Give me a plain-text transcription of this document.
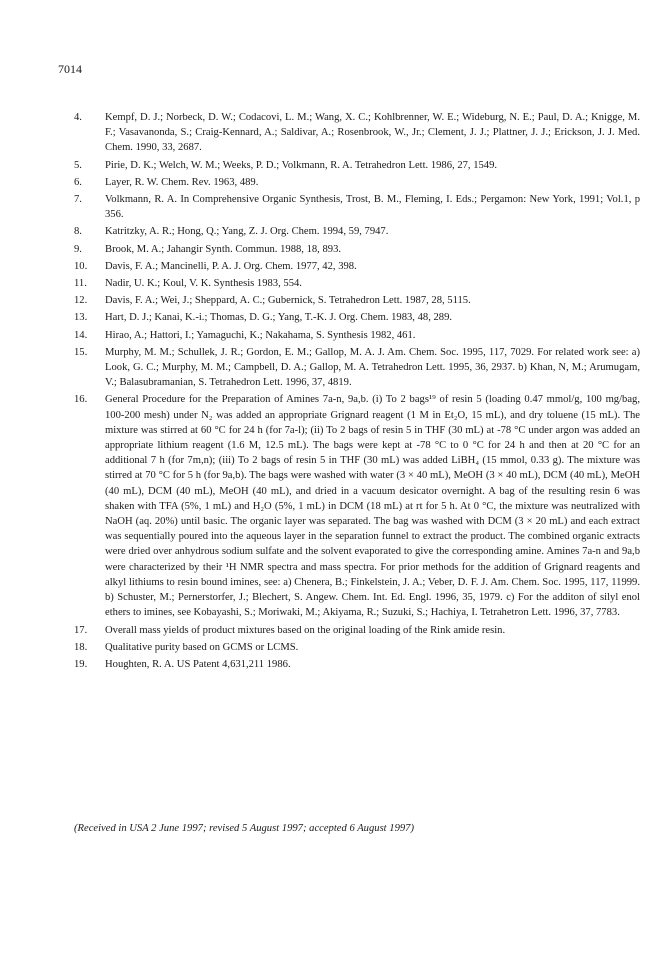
7014
4.	Kempf, D. J.; Norbeck, D. W.; Codacovi, L. M.; Wang, X. C.; Kohlbrenner, W. E.; Wideburg, N. E.; Paul, D. A.; Knigge, M. F.; Vasavanonda, S.; Craig-Kennard, A.; Saldivar, A.; Rosenbrook, W., Jr.; Clement, J. J.; Plattner, J. J.; Erickson, J. J. Med. Chem. 1990, 33, 2687.
5.	Pirie, D. K.; Welch, W. M.; Weeks, P. D.; Volkmann, R. A. Tetrahedron Lett. 1986, 27, 1549.
6.	Layer, R. W. Chem. Rev. 1963, 489.
7.	Volkmann, R. A. In Comprehensive Organic Synthesis, Trost, B. M., Fleming, I. Eds.; Pergamon: New York, 1991; Vol.1, p 356.
8.	Katritzky, A. R.; Hong, Q.; Yang, Z. J. Org. Chem. 1994, 59, 7947.
9.	Brook, M. A.; Jahangir Synth. Commun. 1988, 18, 893.
10.	Davis, F. A.; Mancinelli, P. A. J. Org. Chem. 1977, 42, 398.
11.	Nadir, U. K.; Koul, V. K. Synthesis 1983, 554.
12.	Davis, F. A.; Wei, J.; Sheppard, A. C.; Gubernick, S. Tetrahedron Lett. 1987, 28, 5115.
13.	Hart, D. J.; Kanai, K.-i.; Thomas, D. G.; Yang, T.-K. J. Org. Chem. 1983, 48, 289.
14.	Hirao, A.; Hattori, I.; Yamaguchi, K.; Nakahama, S. Synthesis 1982, 461.
15.	Murphy, M. M.; Schullek, J. R.; Gordon, E. M.; Gallop, M. A. J. Am. Chem. Soc. 1995, 117, 7029. For related work see: a) Look, G. C.; Murphy, M. M.; Campbell, D. A.; Gallop, M. A. Tetrahedron Lett. 1995, 36, 2937. b) Khan, N, M.; Arumugam, V.; Balasubramanian, S. Tetrahedron Lett. 1996, 37, 4819.
16.	General Procedure for the Preparation of Amines 7a-n, 9a,b. (i) To 2 bags¹⁹ of resin 5 (loading 0.47 mmol/g, 100 mg/bag, 100-200 mesh) under N₂ was added an appropriate Grignard reagent (1 M in Et₂O, 15 mL), and dry toluene (15 mL). The mixture was stirred at 60 °C for 24 h (for 7a-l); (ii) To 2 bags of resin 5 in THF (30 mL) at -78 °C under argon was added an appropriate lithium reagent (1.6 M, 12.5 mL). The bags were kept at -78 °C to 0 °C for 24 h and then at 20 °C for an additional 7 h (for 7m,n); (iii) To 2 bags of resin 5 in THF (30 mL) was added LiBH₄ (15 mmol, 0.33 g). The mixture was stirred at 70 °C for 5 h (for 9a,b). The bags were washed with water (3 × 40 mL), MeOH (3 × 40 mL), DCM (40 mL), MeOH (40 mL), DCM (40 mL), MeOH (40 mL), and dried in a vacuum desicator overnight. A bag of the resulting resin 6 was shaken with TFA (5%, 1 mL) and H₂O (5%, 1 mL) in DCM (18 mL) at rt for 5 h. At 0 °C, the mixture was neutralized with NaOH (aq. 20%) until basic. The organic layer was separated. The bag was washed with DCM (3 × 20 mL) and each extract was sequentially poured into the aqueous layer in the separation funnel to extract the product. The combined organic extracts were dried over anhydrous sodium sulfate and the solvent evaporated to give the corresponding amine. Amines 7a-n and 9a,b were characterized by their ¹H NMR spectra and mass spectra. For prior methods for the addition of Grignard reagents and alkyl lithiums to resin bound imines, see: a) Chenera, B.; Finkelstein, J. A.; Veber, D. F. J. Am. Chem. Soc. 1995, 117, 11999. b) Schuster, M.; Pernerstorfer, J.; Blechert, S. Angew. Chem. Int. Ed. Engl. 1996, 35, 1979. c) For the additon of silyl enol ethers to imines, see Kobayashi, S.; Moriwaki, M.; Akiyama, R.; Suzuki, S.; Hachiya, I. Tetrahetron Lett. 1996, 37, 7783.
17.	Overall mass yields of product mixtures based on the original loading of the Rink amide resin.
18.	Qualitative purity based on GCMS or LCMS.
19.	Houghten, R. A. US Patent 4,631,211 1986.
(Received in USA 2 June 1997; revised 5 August 1997; accepted 6 August 1997)
